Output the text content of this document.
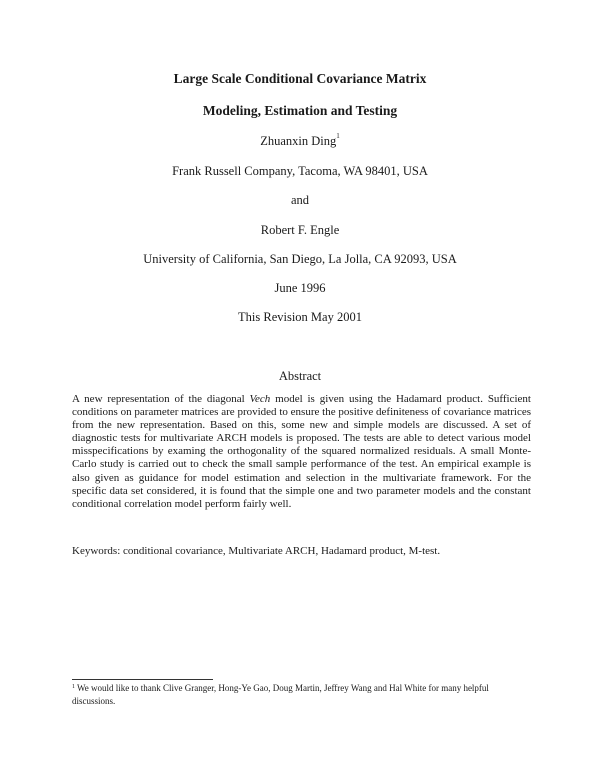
Large Scale Conditional Covariance Matrix
Modeling, Estimation and Testing
Zhuanxin Ding$^1$
Frank Russell Company, Tacoma, WA 98401, USA
and
Robert F. Engle
University of California, San Diego, La Jolla, CA 92093, USA
June 1996
This Revision May 2001
Abstract
A new representation of the diagonal Vech model is given using the Hadamard product. Sufficient conditions on parameter matrices are provided to ensure the positive definiteness of covariance matrices from the new representation. Based on this, some new and simple models are discussed. A set of diagnostic tests for multivariate ARCH models is proposed. The tests are able to detect various model misspecifications by examing the orthogonality of the squared normalized residuals. A small Monte-Carlo study is carried out to check the small sample performance of the test. An empirical example is also given as guidance for model estimation and selection in the multivariate framework. For the specific data set considered, it is found that the simple one and two parameter models and the constant conditional correlation model perform fairly well.
Keywords: conditional covariance, Multivariate ARCH, Hadamard product, M-test.
$^1$ We would like to thank Clive Granger, Hong-Ye Gao, Doug Martin, Jeffrey Wang and Hal White for many helpful discussions.
